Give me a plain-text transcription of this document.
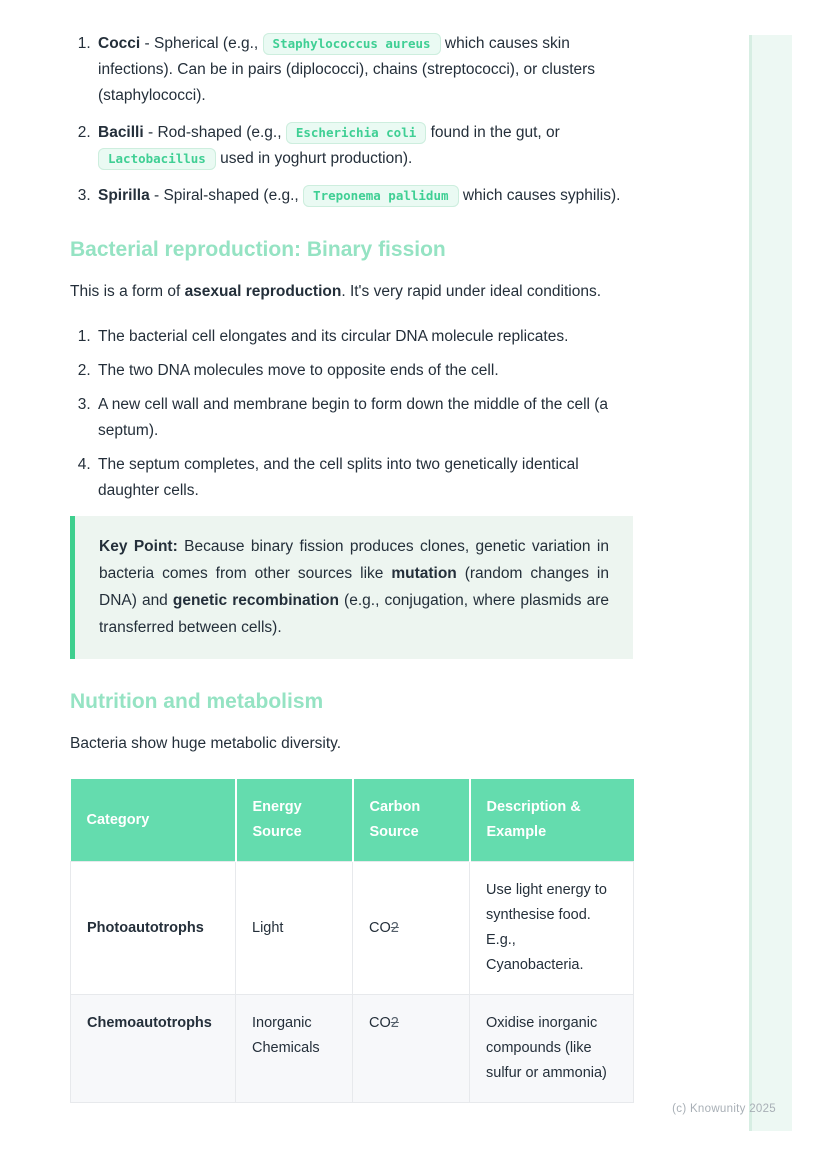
(c) Knowunity 2025
1. Cocci - Spherical (e.g., Staphylococcus aureus which causes skin infections). Can be in pairs (diplococci), chains (streptococci), or clusters (staphylococci).
2. Bacilli - Rod-shaped (e.g., Escherichia coli found in the gut, or Lactobacillus used in yoghurt production).
3. Spirilla - Spiral-shaped (e.g., Treponema pallidum which causes syphilis).
Bacterial reproduction: Binary fission

This is a form of asexual reproduction. It's very rapid under ideal conditions.

1. The bacterial cell elongates and its circular DNA molecule replicates.
2. The two DNA molecules move to opposite ends of the cell.
3. A new cell wall and membrane begin to form down the middle of the cell (a septum).
4. The septum completes, and the cell splits into two genetically identical daughter cells.
Key Point: Because binary fission produces clones, genetic variation in bacteria comes from other sources like mutation (random changes in DNA) and genetic recombination (e.g., conjugation, where plasmids are transferred between cells).
Nutrition and metabolism

Bacteria show huge metabolic diversity.

Category	Energy Source	Carbon Source	Description & Example
Photoautotrophs	Light	CO2	Use light energy to synthesise food. E.g., Cyanobacteria.
Chemoautotrophs	Inorganic Chemicals	CO2	Oxidise inorganic compounds (like sulfur or ammonia)
